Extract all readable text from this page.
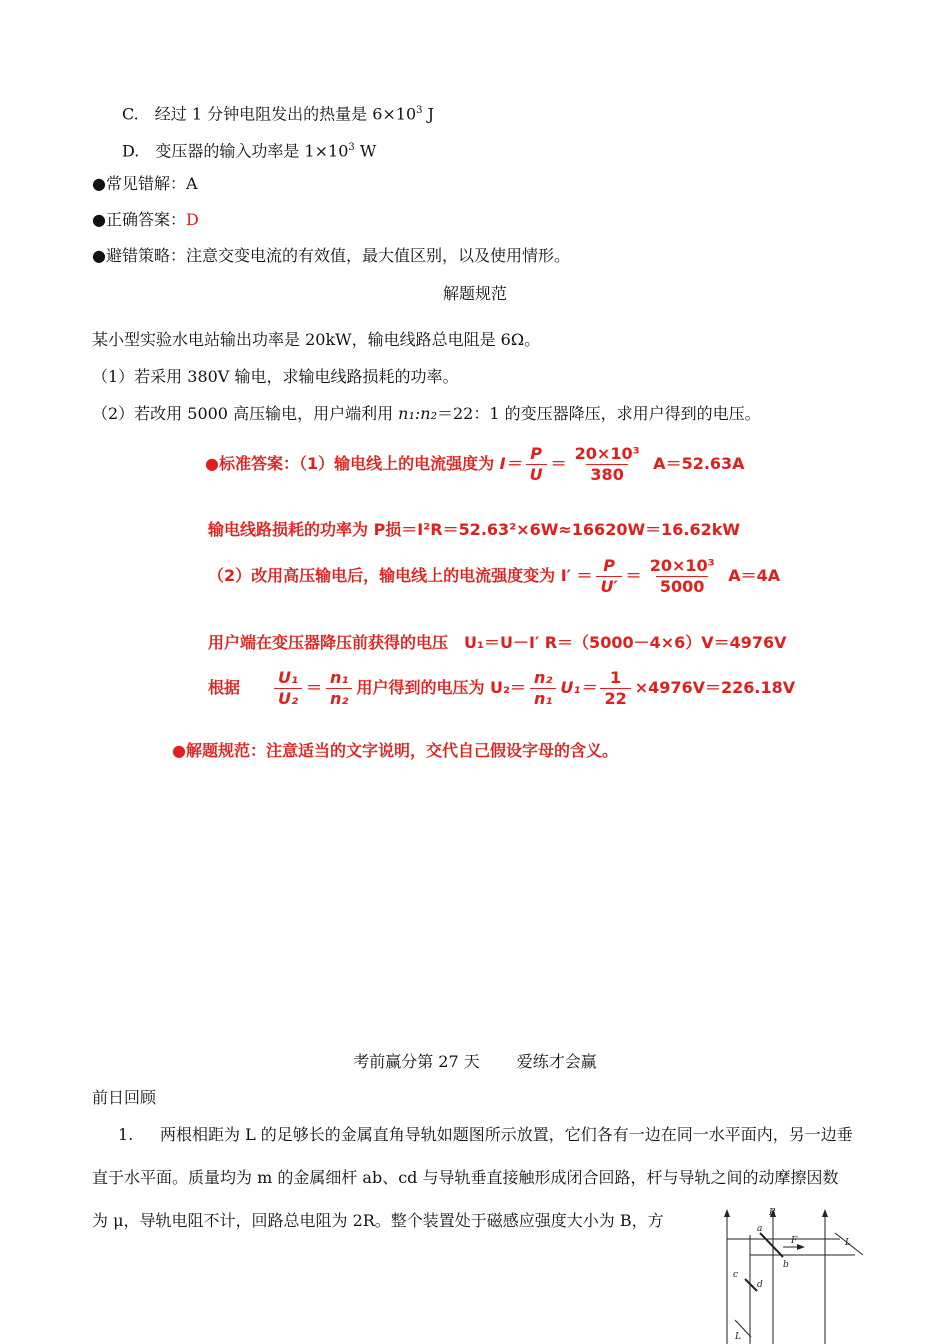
C.　经过 1 分钟电阻发出的热量是 $6\times 10^3$ J
D.　变压器的输入功率是 $1\times 10^3$ W
●常见错解：A
●正确答案：D
●避错策略：注意交变电流的有效值，最大值区别，以及使用情形。
解题规范
某小型实验水电站输出功率是 20kW，输电线路总电阻是 6Ω。
（1）若采用 380V 输电，求输电线路损耗的功率。
（2）若改用 5000 高压输电，用户端利用 n₁:n₂＝22：1 的变压器降压，求用户得到的电压。
●标准答案：（1）输电线上的电流强度为 $I= \frac{P}{U} = \frac{\text{20×10³}}{380} A=52.63A$
输电线路损耗的功率为 P损＝I²R＝52.63²×6W≈16620W＝16.62kW
（2）改用高压输电后，输电线上的电流强度变为 $I' = \frac{P}{U'} = \frac{\text{20×10³}}{5000} A=4A$
用户端在变压器降压前获得的电压　U₁＝U－I′ R＝（5000－4×6）V＝4976V
根据 $\frac{\text{U₁}}{\text{U₂}} = \frac{\text{n₁}}{\text{n₂}}$ 用户得到的电压为 $U_2= \frac{\text{n₂}}{\text{n₁}} U_1= \frac{1}{22} \times 4976V=226.18V$
●解题规范：注意适当的文字说明，交代自己假设字母的含义。
考前赢分第 27 天　　 爱练才会赢
前日回顾
1. 两根相距为 L 的足够长的金属直角导轨如题图所示放置，它们各有一边在同一水平面内，另一边垂
直于水平面。质量均为 m 的金属细杆 ab、cd 与导轨垂直接触形成闭合回路，杆与导轨之间的动摩擦因数
为 μ，导轨电阻不计，回路总电阻为 2R。整个装置处于磁感应强度大小为 B，方	B
a
F
b
c
d
L
L
